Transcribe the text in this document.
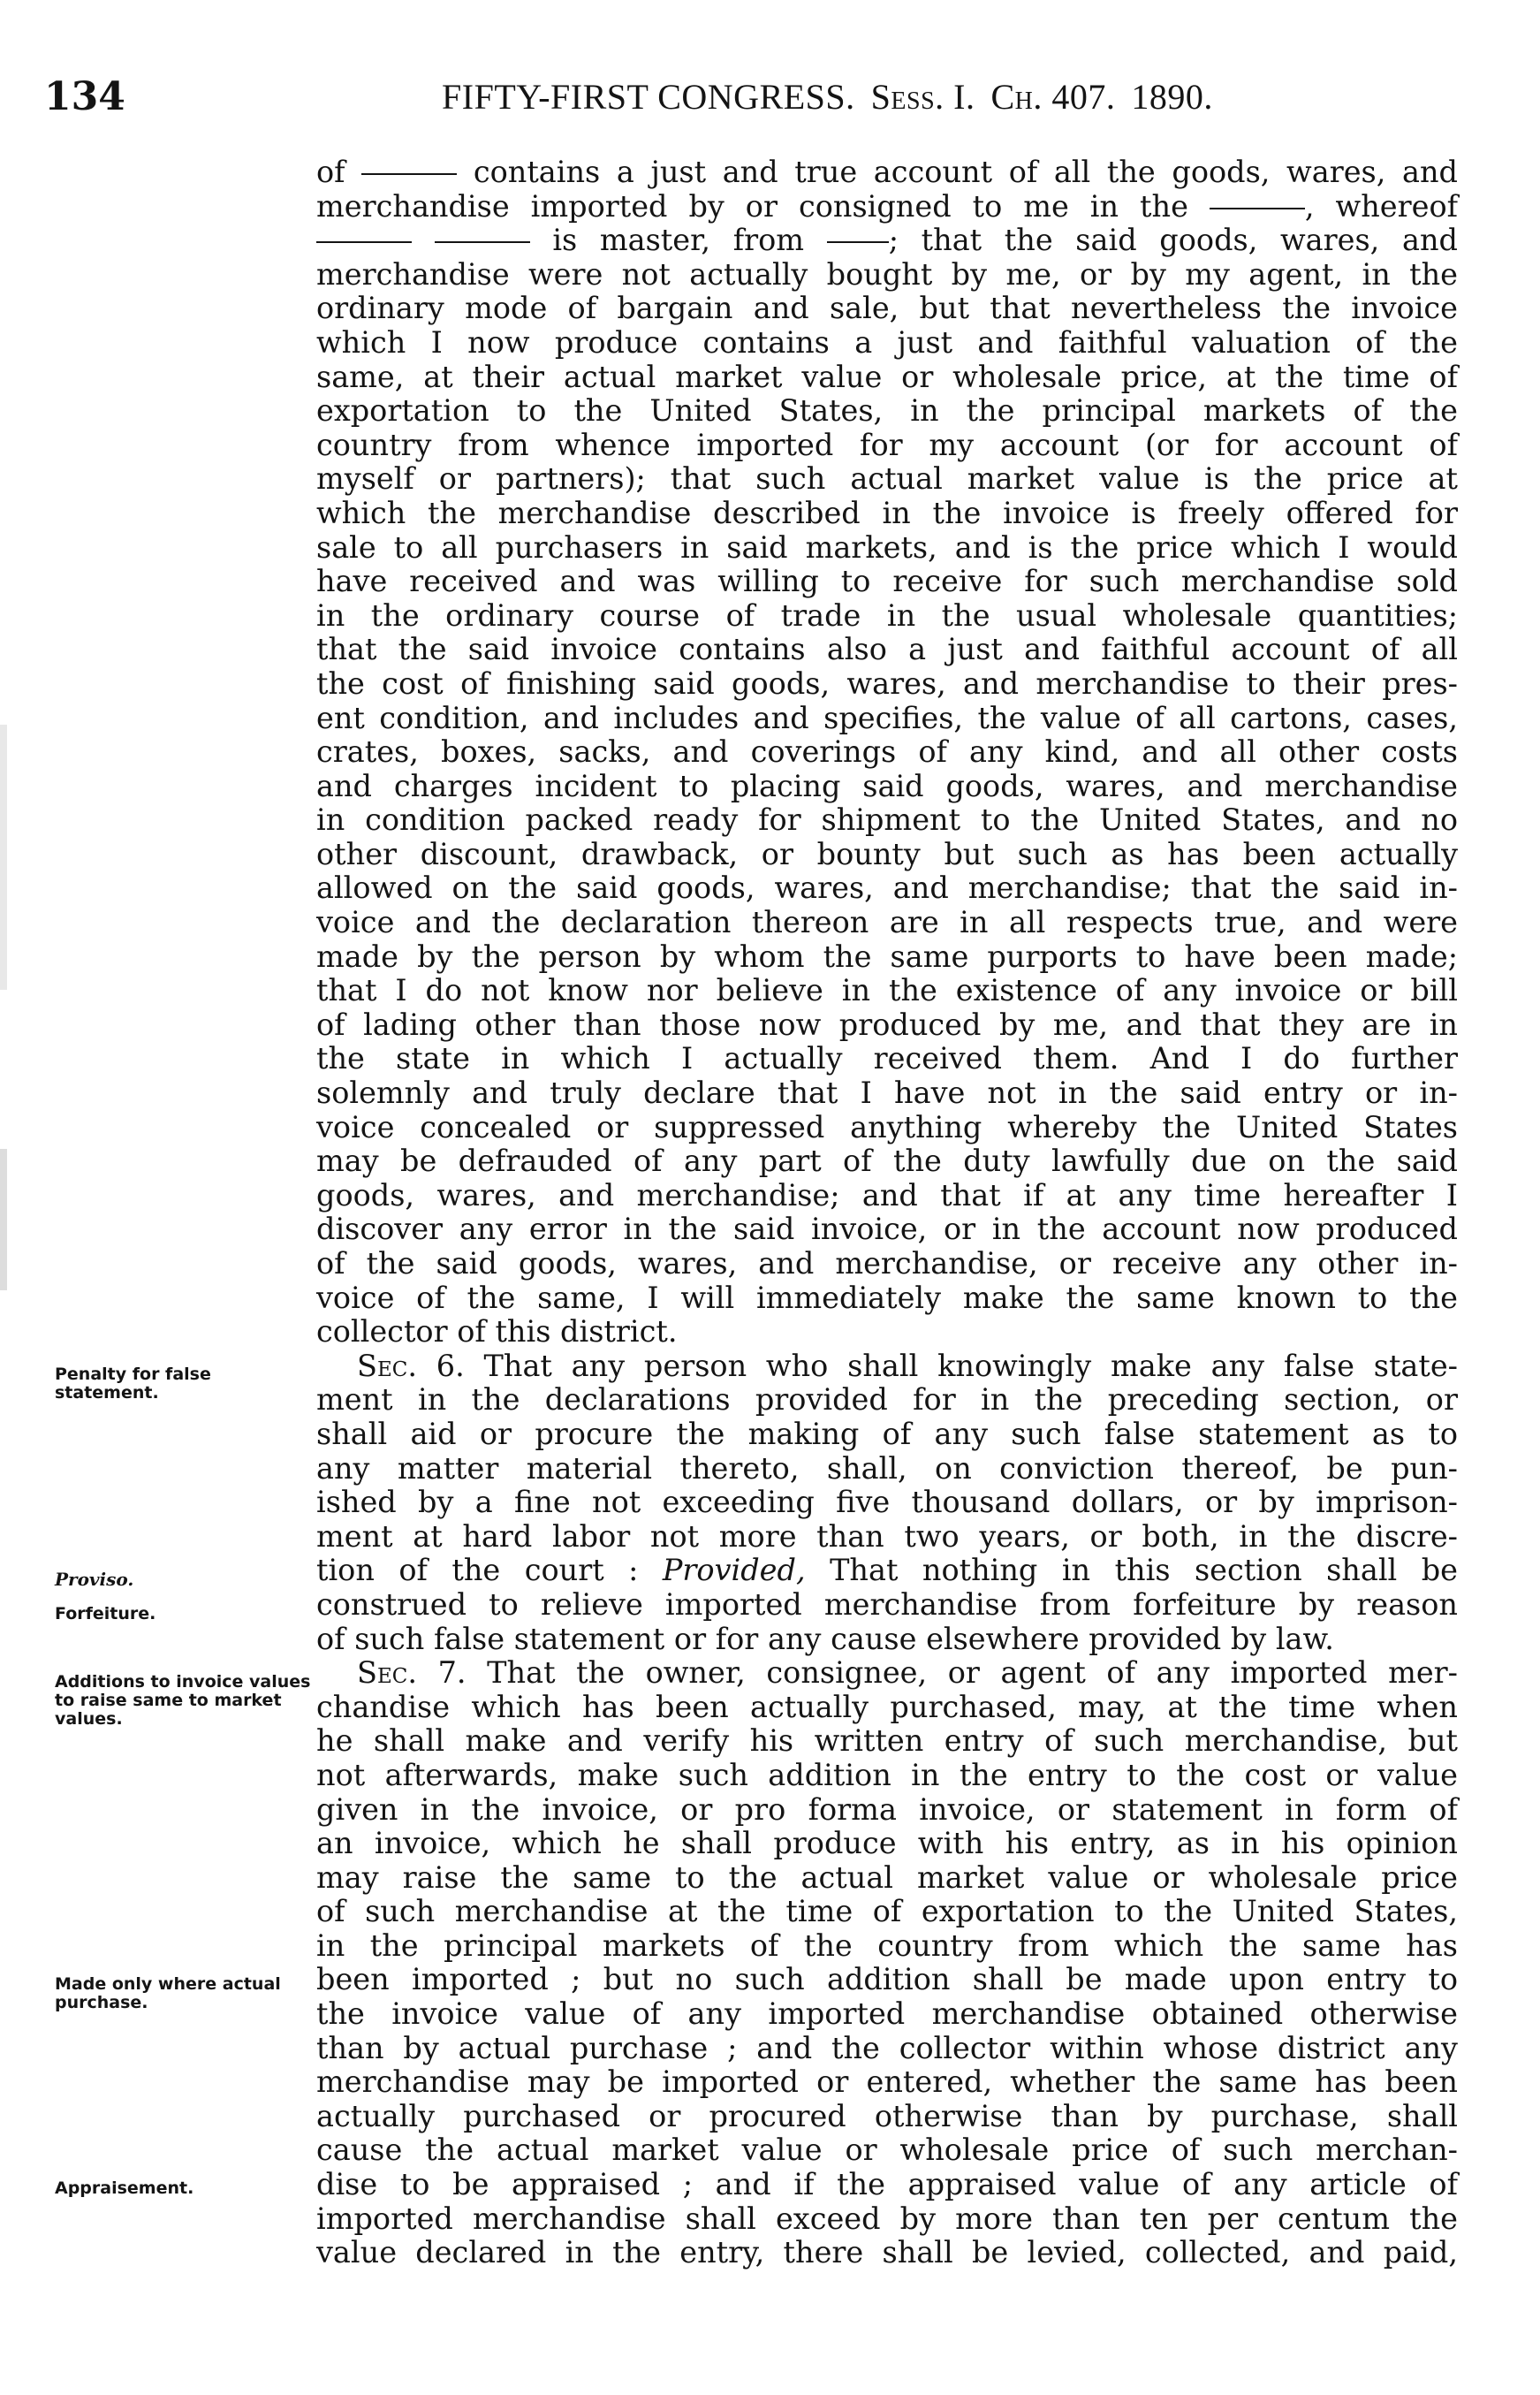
134	FIFTY-FIRST CONGRESS. Sess. I. Ch. 407. 1890.
of	contains a just and true account of all the goods, wares, and
merchandise imported by or consigned to me in the	, whereof
is master, from	; that the said goods, wares, and
merchandise were not actually bought by me, or by my agent, in the
ordinary mode of bargain and sale, but that nevertheless the invoice
which I now produce contains a just and faithful valuation of the
same, at their actual market value or wholesale price, at the time of
exportation to the United States, in the principal markets of the
country from whence imported for my account (or for account of
myself or partners); that such actual market value is the price at
which the merchandise described in the invoice is freely offered for
sale to all purchasers in said markets, and is the price which I would
have received and was willing to receive for such merchandise sold
in the ordinary course of trade in the usual wholesale quantities;
that the said invoice contains also a just and faithful account of all
the cost of finishing said goods, wares, and merchandise to their pres-
ent condition, and includes and specifies, the value of all cartons, cases,
crates, boxes, sacks, and coverings of any kind, and all other costs
and charges incident to placing said goods, wares, and merchandise
in condition packed ready for shipment to the United States, and no
other discount, drawback, or bounty but such as has been actually
allowed on the said goods, wares, and merchandise; that the said in-
voice and the declaration thereon are in all respects true, and were
made by the person by whom the same purports to have been made;
that I do not know nor believe in the existence of any invoice or bill
of lading other than those now produced by me, and that they are in
the state in which I actually received them. And I do further
solemnly and truly declare that I have not in the said entry or in-
voice concealed or suppressed anything whereby the United States
may be defrauded of any part of the duty lawfully due on the said
goods, wares, and merchandise; and that if at any time hereafter I
discover any error in the said invoice, or in the account now produced
of the said goods, wares, and merchandise, or receive any other in-
voice of the same, I will immediately make the same known to the
collector of this district.
Sec. 6. That any person who shall knowingly make any false state-
ment in the declarations provided for in the preceding section, or
shall aid or procure the making of any such false statement as to
any matter material thereto, shall, on conviction thereof, be pun-
ished by a fine not exceeding five thousand dollars, or by imprison-
ment at hard labor not more than two years, or both, in the discre-
tion of the court : Provided, That nothing in this section shall be
construed to relieve imported merchandise from forfeiture by reason
of such false statement or for any cause elsewhere provided by law.
Sec. 7. That the owner, consignee, or agent of any imported mer-
chandise which has been actually purchased, may, at the time when
he shall make and verify his written entry of such merchandise, but
not afterwards, make such addition in the entry to the cost or value
given in the invoice, or pro forma invoice, or statement in form of
an invoice, which he shall produce with his entry, as in his opinion
may raise the same to the actual market value or wholesale price
of such merchandise at the time of exportation to the United States,
in the principal markets of the country from which the same has
been imported ; but no such addition shall be made upon entry to
the invoice value of any imported merchandise obtained otherwise
than by actual purchase ; and the collector within whose district any
merchandise may be imported or entered, whether the same has been
actually purchased or procured otherwise than by purchase, shall
cause the actual market value or wholesale price of such merchan-
dise to be appraised ; and if the appraised value of any article of
imported merchandise shall exceed by more than ten per centum the
value declared in the entry, there shall be levied, collected, and paid,
Penalty for false statement.
Proviso.
Forfeiture.
Additions to invoice values to raise same to market values.
Made only where actual purchase.
Appraisement.
